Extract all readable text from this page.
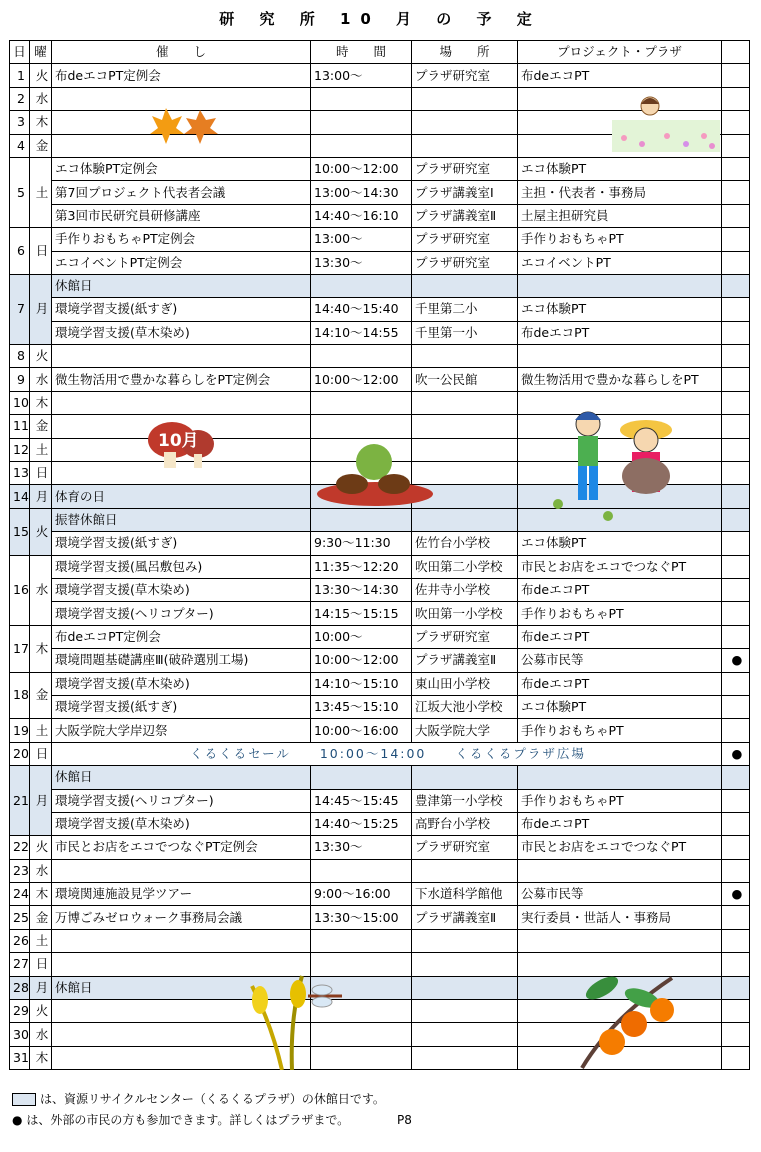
研 究 所 10 月 の 予 定
日	曜	催　　し	時　　間	場　　所	プロジェクト・プラザ	
1	火	布deエコPT定例会	13:00～	プラザ研究室	布deエコPT	
2	水					
3	木					
4	金					
5	土	エコ体験PT定例会	10:00～12:00	プラザ研究室	エコ体験PT	
		第7回プロジェクト代表者会議	13:00～14:30	プラザ講義室Ⅰ	主担・代表者・事務局	
		第3回市民研究員研修講座	14:40～16:10	プラザ講義室Ⅱ	土屋主担研究員	
6	日	手作りおもちゃPT定例会	13:00～	プラザ研究室	手作りおもちゃPT	
		エコイベントPT定例会	13:30～	プラザ研究室	エコイベントPT	
7	月	休館日				
		環境学習支援(紙すぎ)	14:40～15:40	千里第二小	エコ体験PT	
		環境学習支援(草木染め)	14:10～14:55	千里第一小	布deエコPT	
8	火					
9	水	微生物活用で豊かな暮らしをPT定例会	10:00～12:00	吹一公民館	微生物活用で豊かな暮らしをPT	
10	木					
11	金					
12	土					
13	日					
14	月	体育の日				
15	火	振替休館日				
		環境学習支援(紙すぎ)	9:30～11:30	佐竹台小学校	エコ体験PT	
16	水	環境学習支援(風呂敷包み)	11:35～12:20	吹田第二小学校	市民とお店をエコでつなぐPT	
		環境学習支援(草木染め)	13:30～14:30	佐井寺小学校	布deエコPT	
		環境学習支援(ヘリコプター)	14:15～15:15	吹田第一小学校	手作りおもちゃPT	
17	木	布deエコPT定例会	10:00～	プラザ研究室	布deエコPT	
		環境問題基礎講座Ⅲ(破砕選別工場)	10:00～12:00	プラザ講義室Ⅱ	公募市民等	●
18	金	環境学習支援(草木染め)	14:10～15:10	東山田小学校	布deエコPT	
		環境学習支援(紙すぎ)	13:45～15:10	江坂大池小学校	エコ体験PT	
19	土	大阪学院大学岸辺祭	10:00～16:00	大阪学院大学	手作りおもちゃPT	
20	日	くるくるセール　　10:00～14:00　　くるくるプラザ広場				●
21	月	休館日				
		環境学習支援(ヘリコプター)	14:45～15:45	豊津第一小学校	手作りおもちゃPT	
		環境学習支援(草木染め)	14:40～15:25	高野台小学校	布deエコPT	
22	火	市民とお店をエコでつなぐPT定例会	13:30～	プラザ研究室	市民とお店をエコでつなぐPT	
23	水					
24	木	環境関連施設見学ツアー	9:00～16:00	下水道科学館他	公募市民等	●
25	金	万博ごみゼロウォーク事務局会議	13:30～15:00	プラザ講義室Ⅱ	実行委員・世話人・事務局	
26	土					
27	日					
28	月	休館日				
29	火					
30	水					
31	木					
10月
は、資源リサイクルセンター（くるくるプラザ）の休館日です。
● は、外部の市民の方も参加できます。詳しくはプラザまで。	P8
